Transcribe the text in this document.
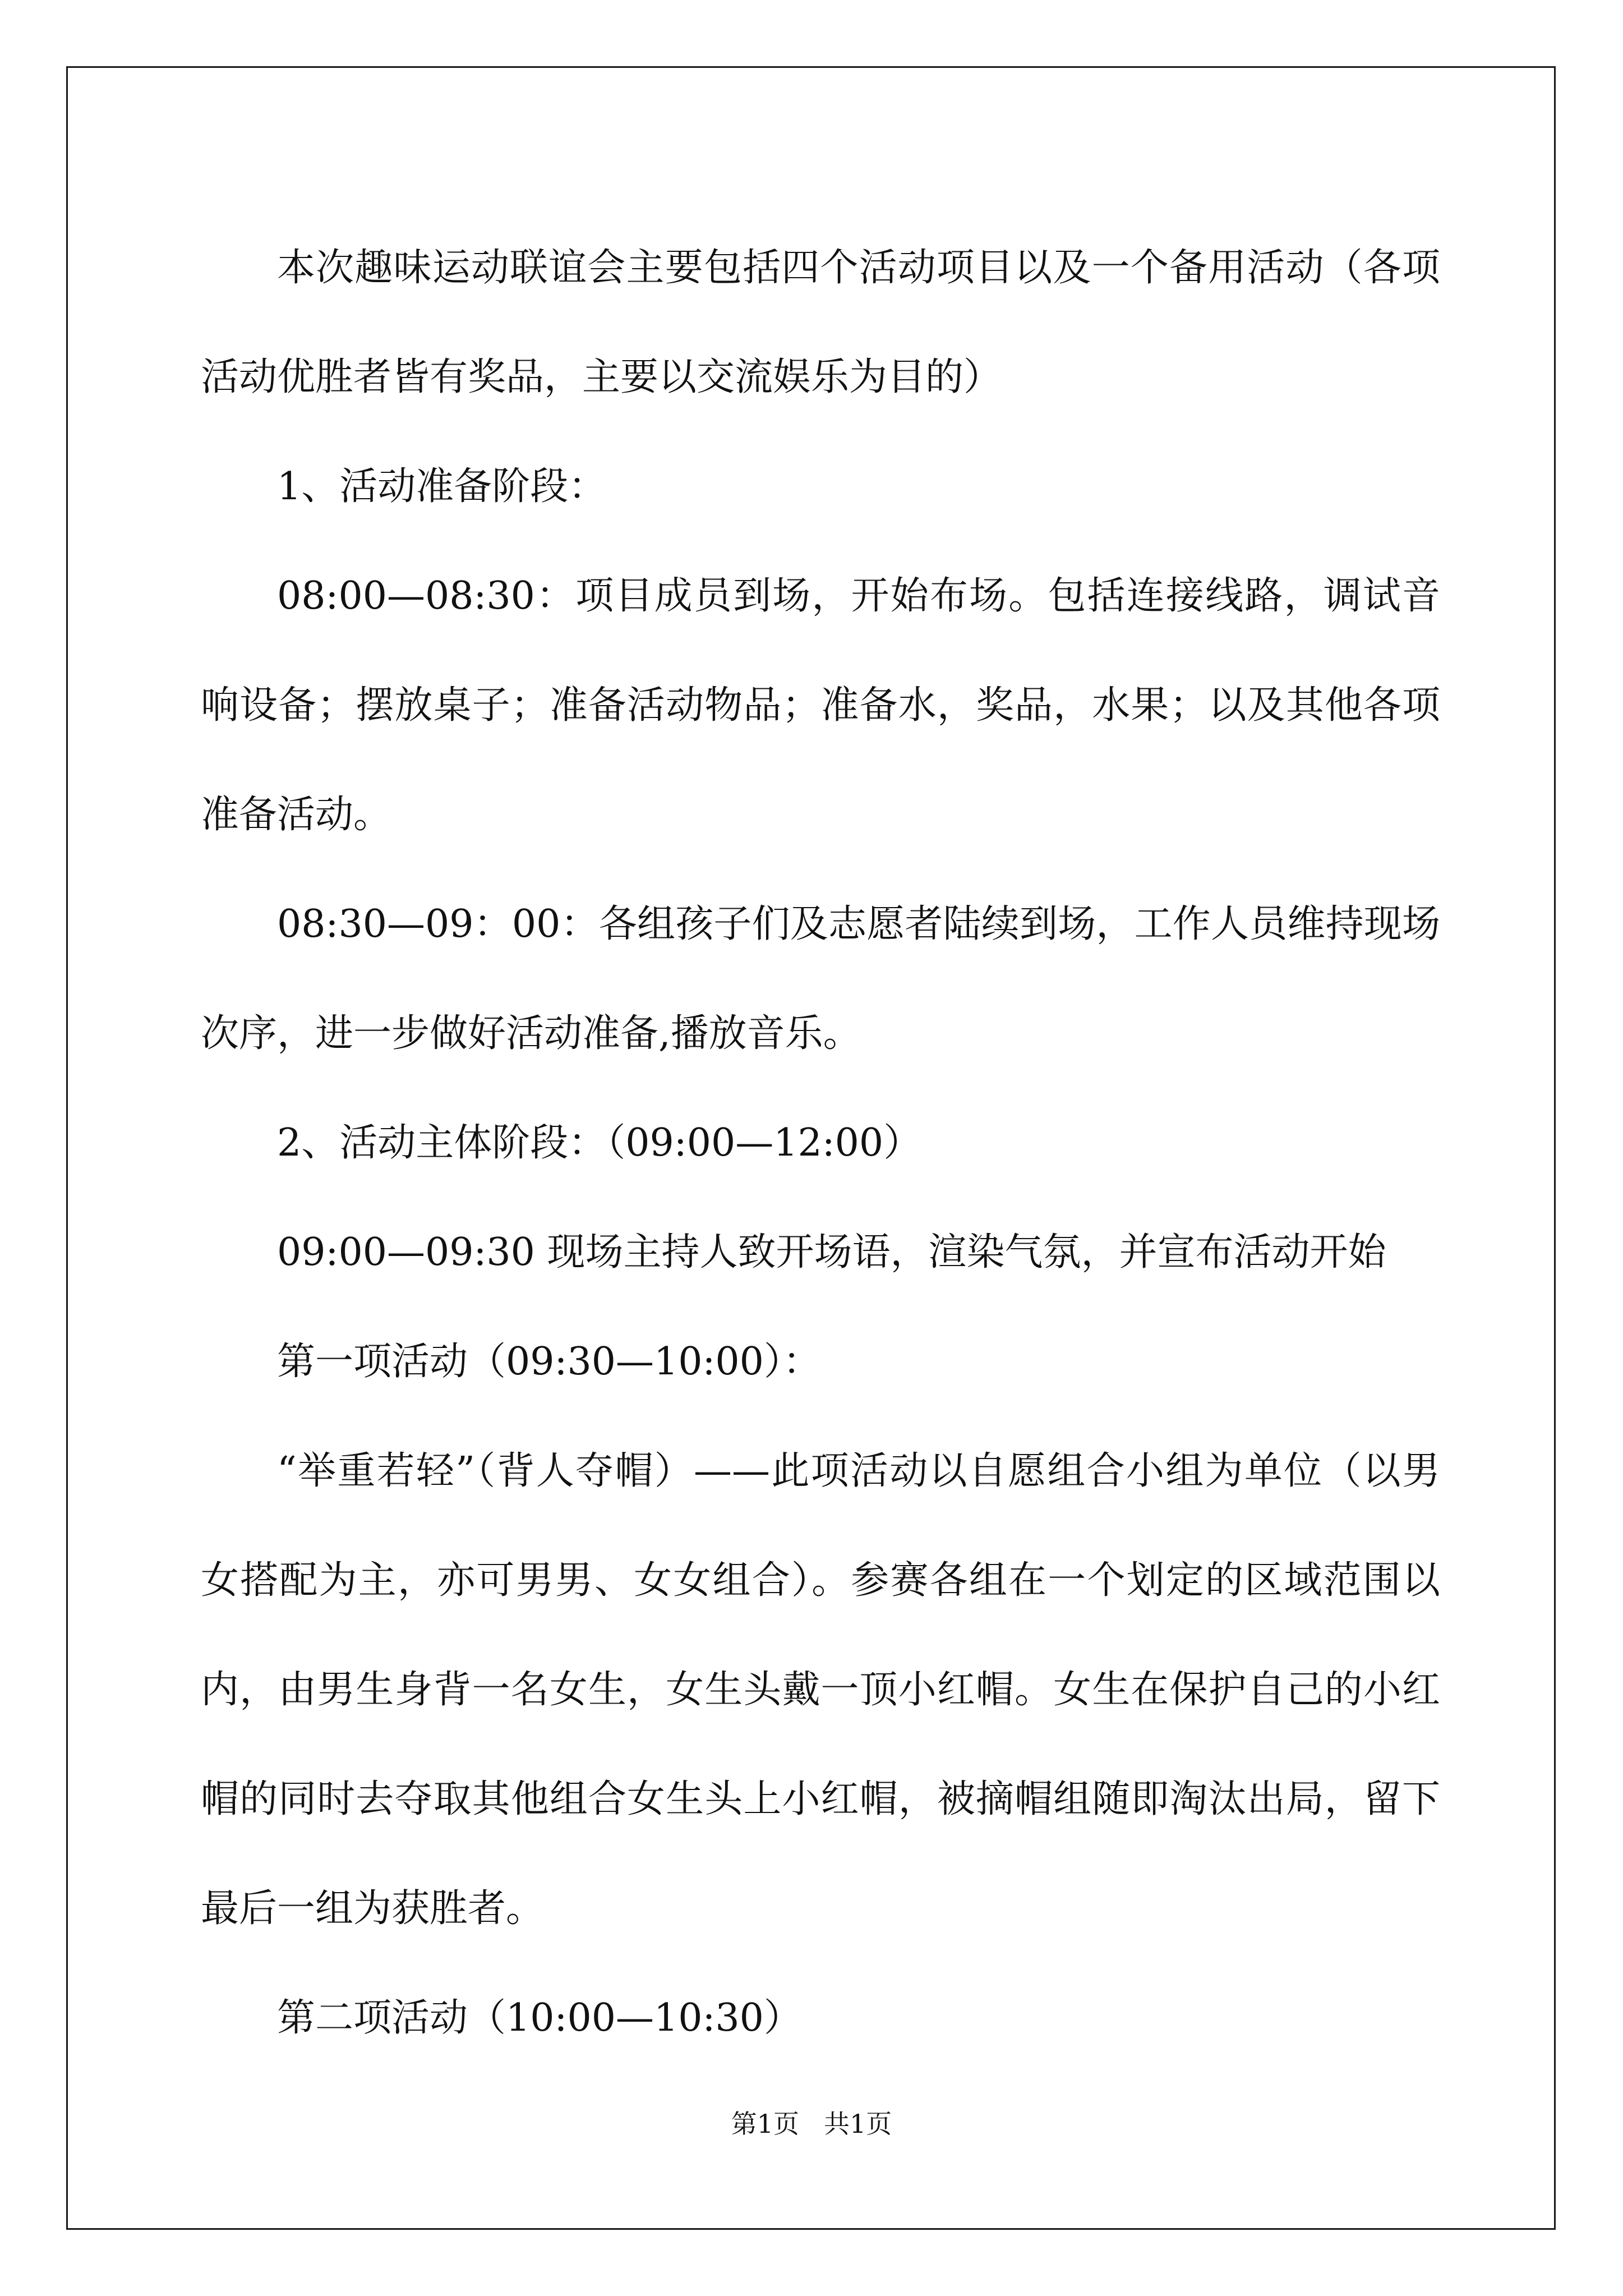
本次趣味运动联谊会主要包括四个活动项目以及一个备用活动（各项活动优胜者皆有奖品，主要以交流娱乐为目的）

1、活动准备阶段：

08:00—08:30：项目成员到场，开始布场。包括连接线路，调试音响设备；摆放桌子；准备活动物品；准备水，奖品，水果；以及其他各项准备活动。

08:30—09：00：各组孩子们及志愿者陆续到场，工作人员维持现场次序，进一步做好活动准备,播放音乐。

2、活动主体阶段：（09:00—12:00）

09:00—09:30 现场主持人致开场语，渲染气氛，并宣布活动开始

第一项活动（09:30—10:00）：

“举重若轻”（背人夺帽）——此项活动以自愿组合小组为单位（以男女搭配为主，亦可男男、女女组合）。参赛各组在一个划定的区域范围以内，由男生身背一名女生，女生头戴一顶小红帽。女生在保护自己的小红帽的同时去夺取其他组合女生头上小红帽，被摘帽组随即淘汰出局，留下最后一组为获胜者。

第二项活动（10:00—10:30）

第1页 共1页
